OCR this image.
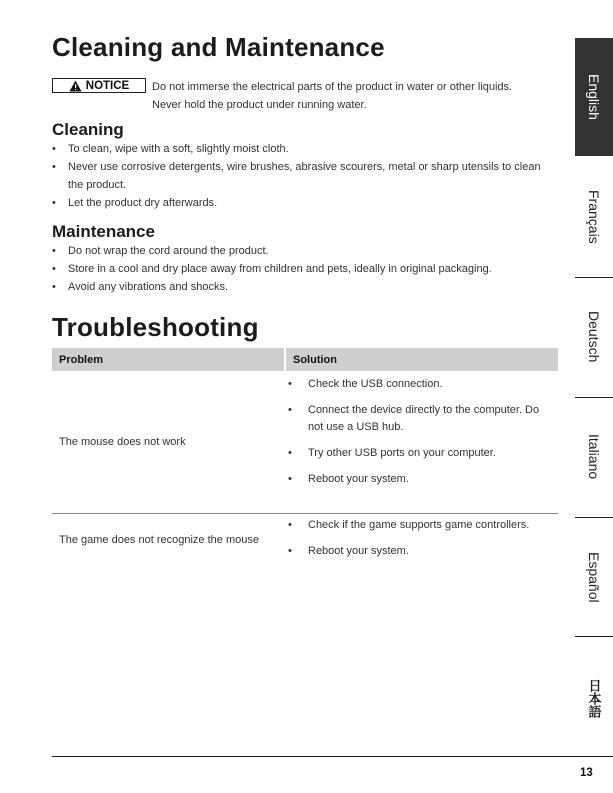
Cleaning and Maintenance
NOTICE Do not immerse the electrical parts of the product in water or other liquids.
Never hold the product under running water.
Cleaning
• To clean, wipe with a soft, slightly moist cloth.
• Never use corrosive detergents, wire brushes, abrasive scourers, metal or sharp utensils to clean the product.
• Let the product dry afterwards.
Maintenance
• Do not wrap the cord around the product.
• Store in a cool and dry place away from children and pets, ideally in original packaging.
• Avoid any vibrations and shocks.
Troubleshooting
Problem	Solution
The mouse does not work
• Check the USB connection.
• Connect the device directly to the computer. Do not use a USB hub.
• Try other USB ports on your computer.
• Reboot your system.
The game does not recognize the mouse
• Check if the game supports game controllers.
• Reboot your system.
English
Français
Deutsch
Italiano
Español
日本語
13
